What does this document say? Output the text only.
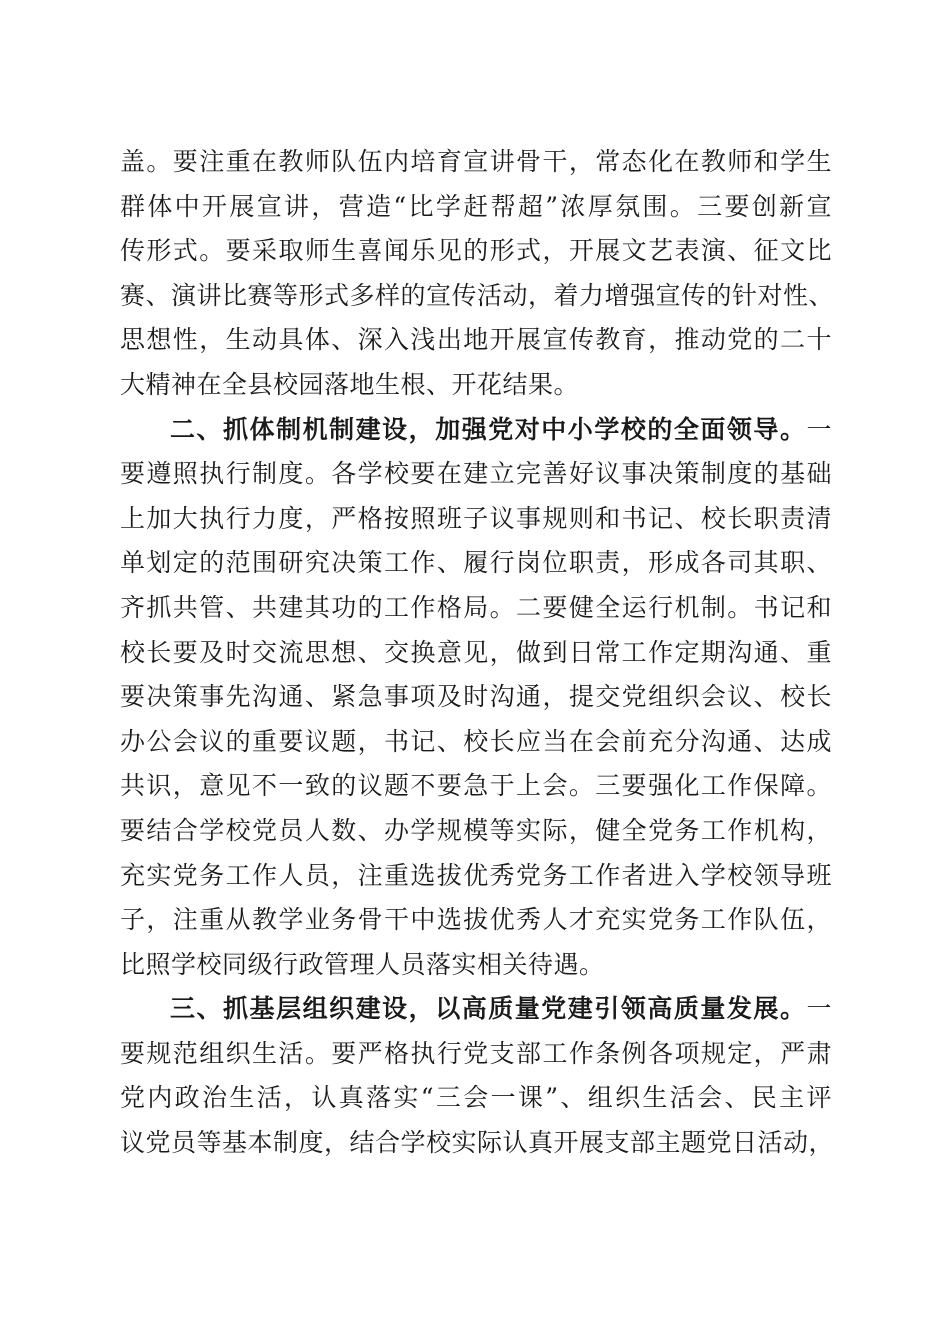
盖。要注重在教师队伍内培育宣讲骨干，常态化在教师和学生
群体中开展宣讲，营造“比学赶帮超”浓厚氛围。三要创新宣
传形式。要采取师生喜闻乐见的形式，开展文艺表演、征文比
赛、演讲比赛等形式多样的宣传活动，着力增强宣传的针对性、
思想性，生动具体、深入浅出地开展宣传教育，推动党的二十
大精神在全县校园落地生根、开花结果。
二、抓体制机制建设，加强党对中小学校的全面领导。一
要遵照执行制度。各学校要在建立完善好议事决策制度的基础
上加大执行力度，严格按照班子议事规则和书记、校长职责清
单划定的范围研究决策工作、履行岗位职责，形成各司其职、
齐抓共管、共建其功的工作格局。二要健全运行机制。书记和
校长要及时交流思想、交换意见，做到日常工作定期沟通、重
要决策事先沟通、紧急事项及时沟通，提交党组织会议、校长
办公会议的重要议题，书记、校长应当在会前充分沟通、达成
共识，意见不一致的议题不要急于上会。三要强化工作保障。
要结合学校党员人数、办学规模等实际，健全党务工作机构，
充实党务工作人员，注重选拔优秀党务工作者进入学校领导班
子，注重从教学业务骨干中选拔优秀人才充实党务工作队伍，
比照学校同级行政管理人员落实相关待遇。
三、抓基层组织建设，以高质量党建引领高质量发展。一
要规范组织生活。要严格执行党支部工作条例各项规定，严肃
党内政治生活，认真落实“三会一课”、组织生活会、民主评
议党员等基本制度，结合学校实际认真开展支部主题党日活动，
